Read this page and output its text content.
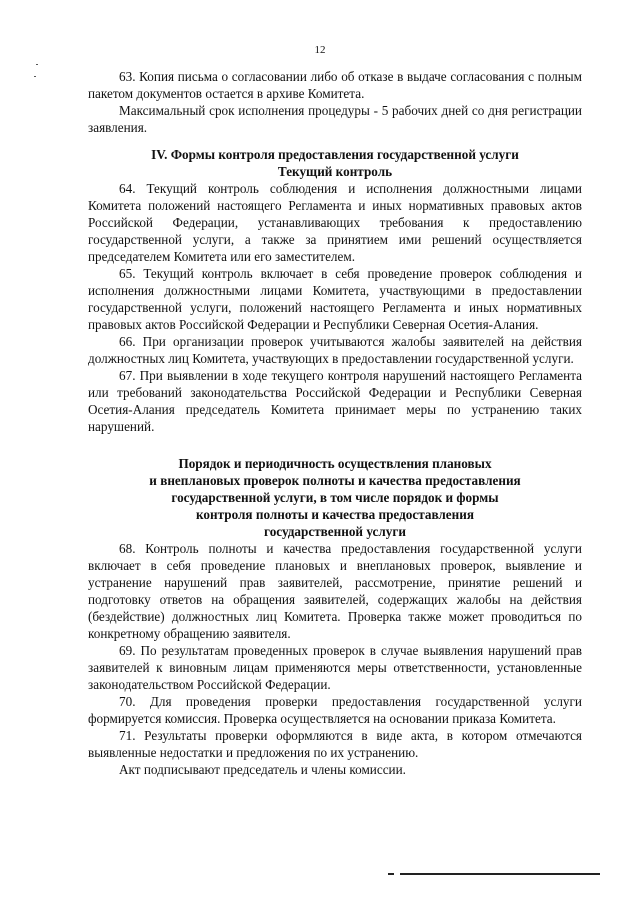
12

63. Копия письма о согласовании либо об отказе в выдаче согласования с полным пакетом документов остается в архиве Комитета.

Максимальный срок исполнения процедуры - 5 рабочих дней со дня регистрации заявления.

IV. Формы контроля предоставления государственной услуги

Текущий контроль

64. Текущий контроль соблюдения и исполнения должностными лицами Комитета положений настоящего Регламента и иных нормативных правовых актов Российской Федерации, устанавливающих требования к предоставлению государственной услуги, а также за принятием ими решений осуществляется председателем Комитета или его заместителем.

65. Текущий контроль включает в себя проведение проверок соблюдения и исполнения должностными лицами Комитета, участвующими в предоставлении государственной услуги, положений настоящего Регламента и иных нормативных правовых актов Российской Федерации и Республики Северная Осетия-Алания.

66. При организации проверок учитываются жалобы заявителей на действия должностных лиц Комитета, участвующих в предоставлении государственной услуги.

67. При выявлении в ходе текущего контроля нарушений настоящего Регламента или требований законодательства Российской Федерации и Республики Северная Осетия-Алания председатель Комитета принимает меры по устранению таких нарушений.

Порядок и периодичность осуществления плановых

и внеплановых проверок полноты и качества предоставления

государственной услуги, в том числе порядок и формы

контроля полноты и качества предоставления

государственной услуги

68. Контроль полноты и качества предоставления государственной услуги включает в себя проведение плановых и внеплановых проверок, выявление и устранение нарушений прав заявителей, рассмотрение, принятие решений и подготовку ответов на обращения заявителей, содержащих жалобы на действия (бездействие) должностных лиц Комитета. Проверка также может проводиться по конкретному обращению заявителя.

69. По результатам проведенных проверок в случае выявления нарушений прав заявителей к виновным лицам применяются меры ответственности, установленные законодательством Российской Федерации.

70. Для проведения проверки предоставления государственной услуги формируется комиссия. Проверка осуществляется на основании приказа Комитета.

71. Результаты проверки оформляются в виде акта, в котором отмечаются выявленные недостатки и предложения по их устранению.

Акт подписывают председатель и члены комиссии.
